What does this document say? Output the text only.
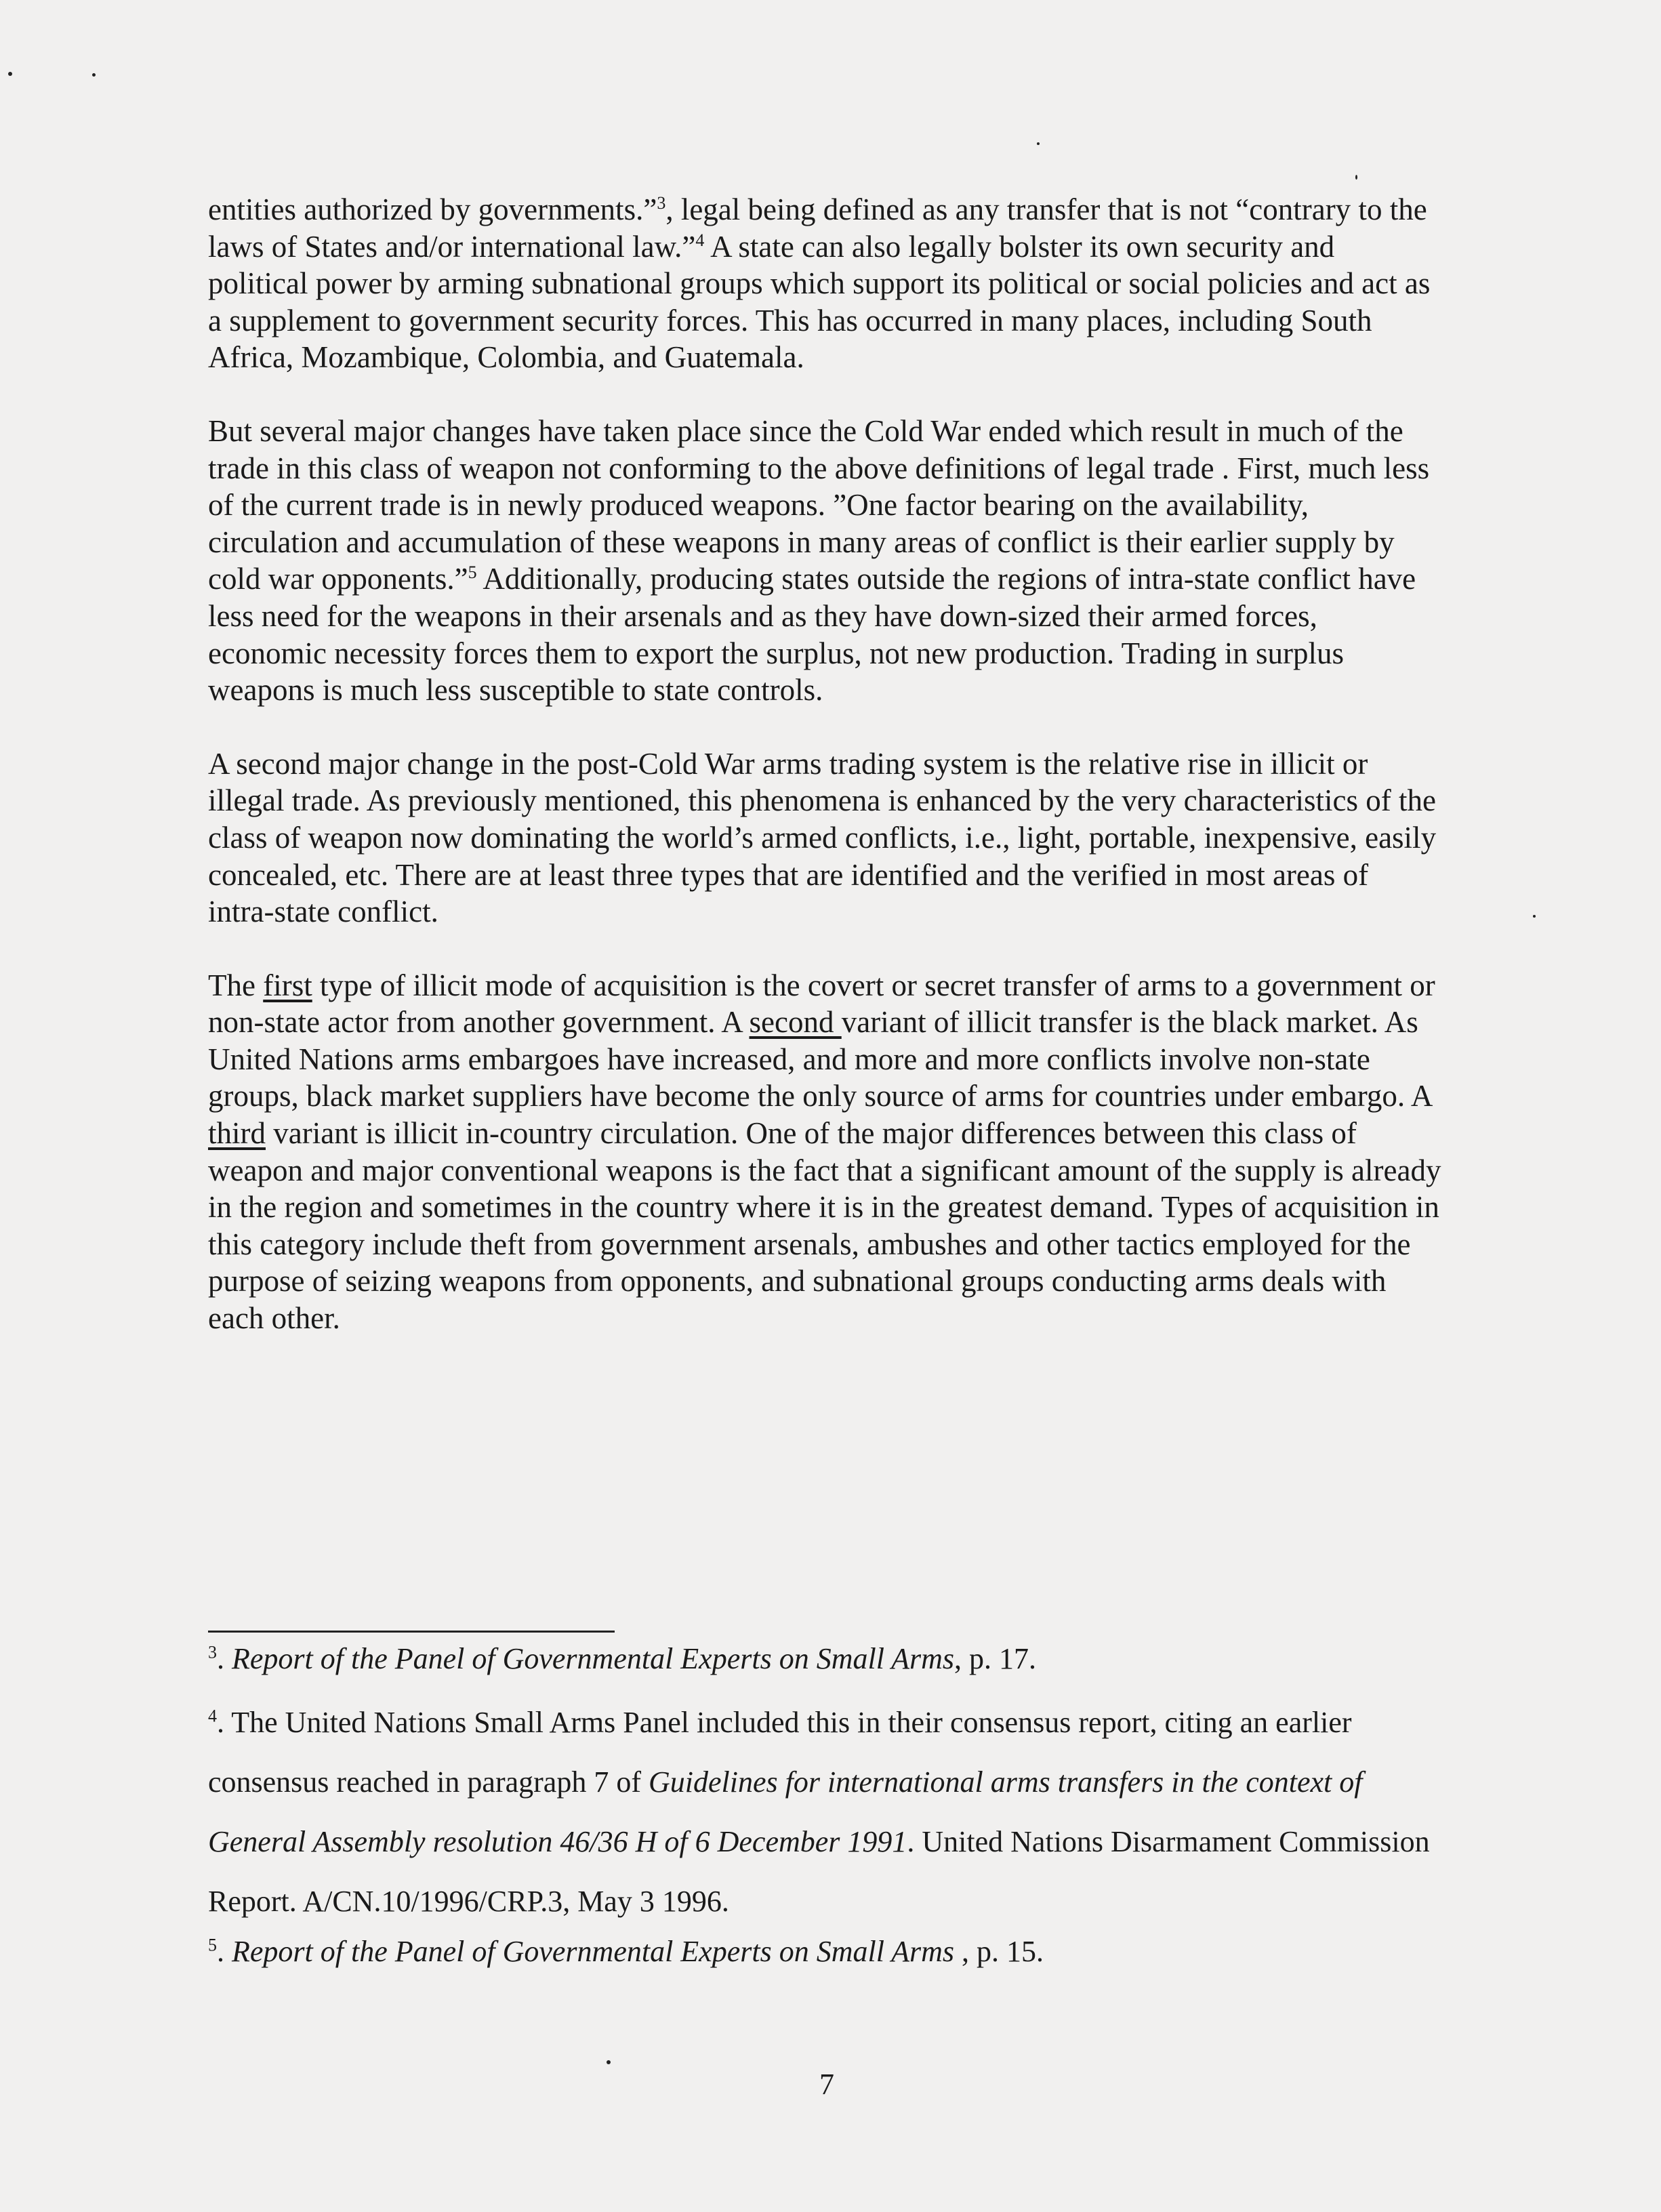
entities authorized by governments.”$^3$, legal being defined as any transfer that is not “contrary to the laws of States and/or international law.”$^4$ A state can also legally bolster its own security and political power by arming subnational groups which support its political or social policies and act as a supplement to government security forces. This has occurred in many places, including South Africa, Mozambique, Colombia, and Guatemala.

But several major changes have taken place since the Cold War ended which result in much of the trade in this class of weapon not conforming to the above definitions of legal trade . First, much less of the current trade is in newly produced weapons. ”One factor bearing on the availability, circulation and accumulation of these weapons in many areas of conflict is their earlier supply by cold war opponents.”$^5$ Additionally, producing states outside the regions of intra-state conflict have less need for the weapons in their arsenals and as they have down-sized their armed forces, economic necessity forces them to export the surplus, not new production. Trading in surplus weapons is much less susceptible to state controls.

A second major change in the post-Cold War arms trading system is the relative rise in illicit or illegal trade. As previously mentioned, this phenomena is enhanced by the very characteristics of the class of weapon now dominating the world’s armed conflicts, i.e., light, portable, inexpensive, easily concealed, etc. There are at least three types that are identified and the verified in most areas of intra-state conflict.

The first type of illicit mode of acquisition is the covert or secret transfer of arms to a government or non-state actor from another government. A second variant of illicit transfer is the black market. As United Nations arms embargoes have increased, and more and more conflicts involve non-state groups, black market suppliers have become the only source of arms for countries under embargo. A third variant is illicit in-country circulation. One of the major differences between this class of weapon and major conventional weapons is the fact that a significant amount of the supply is already in the region and sometimes in the country where it is in the greatest demand. Types of acquisition in this category include theft from government arsenals, ambushes and other tactics employed for the purpose of seizing weapons from opponents, and subnational groups conducting arms deals with each other.

$^3$. Report of the Panel of Governmental Experts on Small Arms, p. 17.

$^4$. The United Nations Small Arms Panel included this in their consensus report, citing an earlier consensus reached in paragraph 7 of Guidelines for international arms transfers in the context of General Assembly resolution 46/36 H of 6 December 1991. United Nations Disarmament Commission Report. A/CN.10/1996/CRP.3, May 3 1996.

$^5$. Report of the Panel of Governmental Experts on Small Arms , p. 15.

7
